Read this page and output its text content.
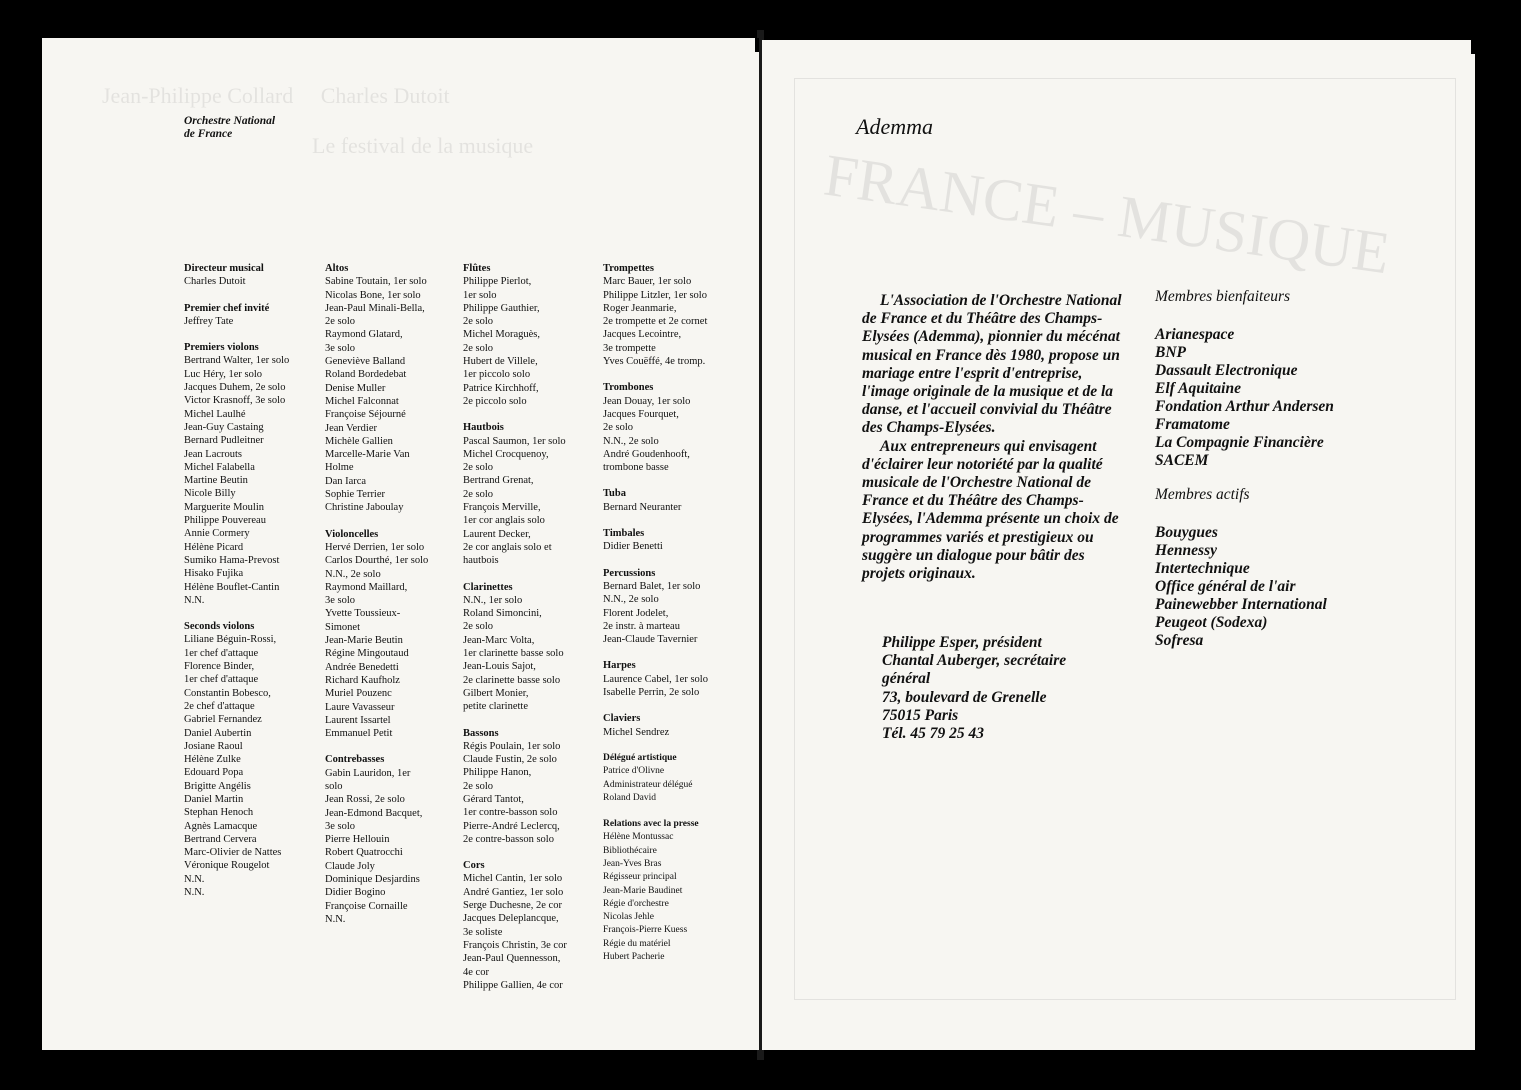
Jean-Philippe Collard     Charles Dutoit
Le festival de la musique
Orchestre National
de France
Directeur musical
Charles Dutoit
Premier chef invité
Jeffrey Tate
Premiers violons
Bertrand Walter, 1er solo
Luc Héry, 1er solo
Jacques Duhem, 2e solo
Victor Krasnoff, 3e solo
Michel Laulhé
Jean-Guy Castaing
Bernard Pudleitner
Jean Lacrouts
Michel Falabella
Martine Beutin
Nicole Billy
Marguerite Moulin
Philippe Pouvereau
Annie Cormery
Hélène Picard
Sumiko Hama-Prevost
Hisako Fujika
Hélène Bouflet-Cantin
N.N.
Seconds violons
Liliane Béguin-Rossi,
1er chef d'attaque
Florence Binder,
1er chef d'attaque
Constantin Bobesco,
2e chef d'attaque
Gabriel Fernandez
Daniel Aubertin
Josiane Raoul
Hélène Zulke
Edouard Popa
Brigitte Angélis
Daniel Martin
Stephan Henoch
Agnès Lamacque
Bertrand Cervera
Marc-Olivier de Nattes
Véronique Rougelot
N.N.
N.N.
Altos
Sabine Toutain, 1er solo
Nicolas Bone, 1er solo
Jean-Paul Minali-Bella,
2e solo
Raymond Glatard,
3e solo
Geneviève Balland
Roland Bordedebat
Denise Muller
Michel Falconnat
Françoise Séjourné
Jean Verdier
Michèle Gallien
Marcelle-Marie Van
Holme
Dan Iarca
Sophie Terrier
Christine Jaboulay
Violoncelles
Hervé Derrien, 1er solo
Carlos Dourthé, 1er solo
N.N., 2e solo
Raymond Maillard,
3e solo
Yvette Toussieux-
Simonet
Jean-Marie Beutin
Régine Mingoutaud
Andrée Benedetti
Richard Kaufholz
Muriel Pouzenc
Laure Vavasseur
Laurent Issartel
Emmanuel Petit
Contrebasses
Gabin Lauridon, 1er
solo
Jean Rossi, 2e solo
Jean-Edmond Bacquet,
3e solo
Pierre Hellouin
Robert Quatrocchi
Claude Joly
Dominique Desjardins
Didier Bogino
Françoise Cornaille
N.N.
Flûtes
Philippe Pierlot,
1er solo
Philippe Gauthier,
2e solo
Michel Moraguès,
2e solo
Hubert de Villele,
1er piccolo solo
Patrice Kirchhoff,
2e piccolo solo
Hautbois
Pascal Saumon, 1er solo
Michel Crocquenoy,
2e solo
Bertrand Grenat,
2e solo
François Merville,
1er cor anglais solo
Laurent Decker,
2e cor anglais solo et
hautbois
Clarinettes
N.N., 1er solo
Roland Simoncini,
2e solo
Jean-Marc Volta,
1er clarinette basse solo
Jean-Louis Sajot,
2e clarinette basse solo
Gilbert Monier,
petite clarinette
Bassons
Régis Poulain, 1er solo
Claude Fustin, 2e solo
Philippe Hanon,
2e solo
Gérard Tantot,
1er contre-basson solo
Pierre-André Leclercq,
2e contre-basson solo
Cors
Michel Cantin, 1er solo
André Gantiez, 1er solo
Serge Duchesne, 2e cor
Jacques Deleplancque,
3e soliste
François Christin, 3e cor
Jean-Paul Quennesson,
4e cor
Philippe Gallien, 4e cor
Trompettes
Marc Bauer, 1er solo
Philippe Litzler, 1er solo
Roger Jeanmarie,
2e trompette et 2e cornet
Jacques Lecointre,
3e trompette
Yves Couëffé, 4e tromp.
Trombones
Jean Douay, 1er solo
Jacques Fourquet,
2e solo
N.N., 2e solo
André Goudenhooft,
trombone basse
Tuba
Bernard Neuranter
Timbales
Didier Benetti
Percussions
Bernard Balet, 1er solo
N.N., 2e solo
Florent Jodelet,
2e instr. à marteau
Jean-Claude Tavernier
Harpes
Laurence Cabel, 1er solo
Isabelle Perrin, 2e solo
Claviers
Michel Sendrez
Délégué artistique
Patrice d'Olivne
Administrateur délégué
Roland David
Relations avec la presse
Hélène Montussac
Bibliothécaire
Jean-Yves Bras
Régisseur principal
Jean-Marie Baudinet
Régie d'orchestre
Nicolas Jehle
François-Pierre Kuess
Régie du matériel
Hubert Pacherie
FRANCE – MUSIQUE
Ademma

L'Association de l'Orchestre National de France et du Théâtre des Champs-Elysées (Ademma), pionnier du mécénat musical en France dès 1980, propose un mariage entre l'esprit d'entreprise, l'image originale de la musique et de la danse, et l'accueil convivial du Théâtre des Champs-Elysées.

Aux entrepreneurs qui envisagent d'éclairer leur notoriété par la qualité musicale de l'Orchestre National de France et du Théâtre des Champs-Elysées, l'Ademma présente un choix de programmes variés et prestigieux ou suggère un dialogue pour bâtir des projets originaux.

Philippe Esper, président
Chantal Auberger, secrétaire
général
73, boulevard de Grenelle
75015 Paris
Tél. 45 79 25 43
Membres bienfaiteurs
Arianespace
BNP
Dassault Electronique
Elf Aquitaine
Fondation Arthur Andersen
Framatome
La Compagnie Financière
SACEM
Membres actifs
Bouygues
Hennessy
Intertechnique
Office général de l'air
Painewebber International
Peugeot (Sodexa)
Sofresa
